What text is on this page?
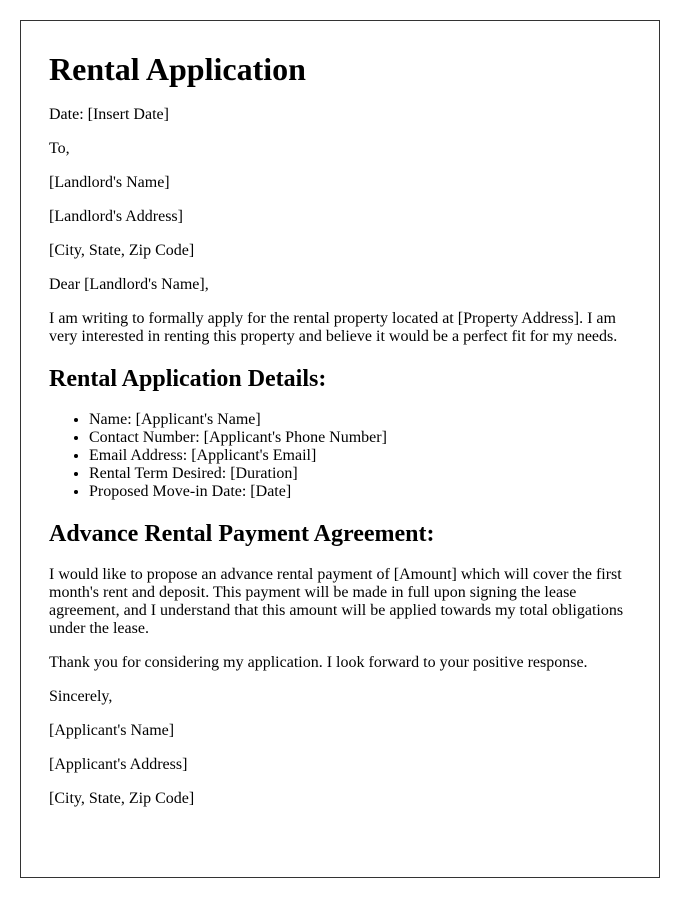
Rental Application

Date: [Insert Date]

To,

[Landlord's Name]

[Landlord's Address]

[City, State, Zip Code]

Dear [Landlord's Name],

I am writing to formally apply for the rental property located at [Property Address]. I am very interested in renting this property and believe it would be a perfect fit for my needs.

Rental Application Details:
• Name: [Applicant's Name]
• Contact Number: [Applicant's Phone Number]
• Email Address: [Applicant's Email]
• Rental Term Desired: [Duration]
• Proposed Move-in Date: [Date]
Advance Rental Payment Agreement:

I would like to propose an advance rental payment of [Amount] which will cover the first month's rent and deposit. This payment will be made in full upon signing the lease agreement, and I understand that this amount will be applied towards my total obligations under the lease.

Thank you for considering my application. I look forward to your positive response.

Sincerely,

[Applicant's Name]

[Applicant's Address]

[City, State, Zip Code]
